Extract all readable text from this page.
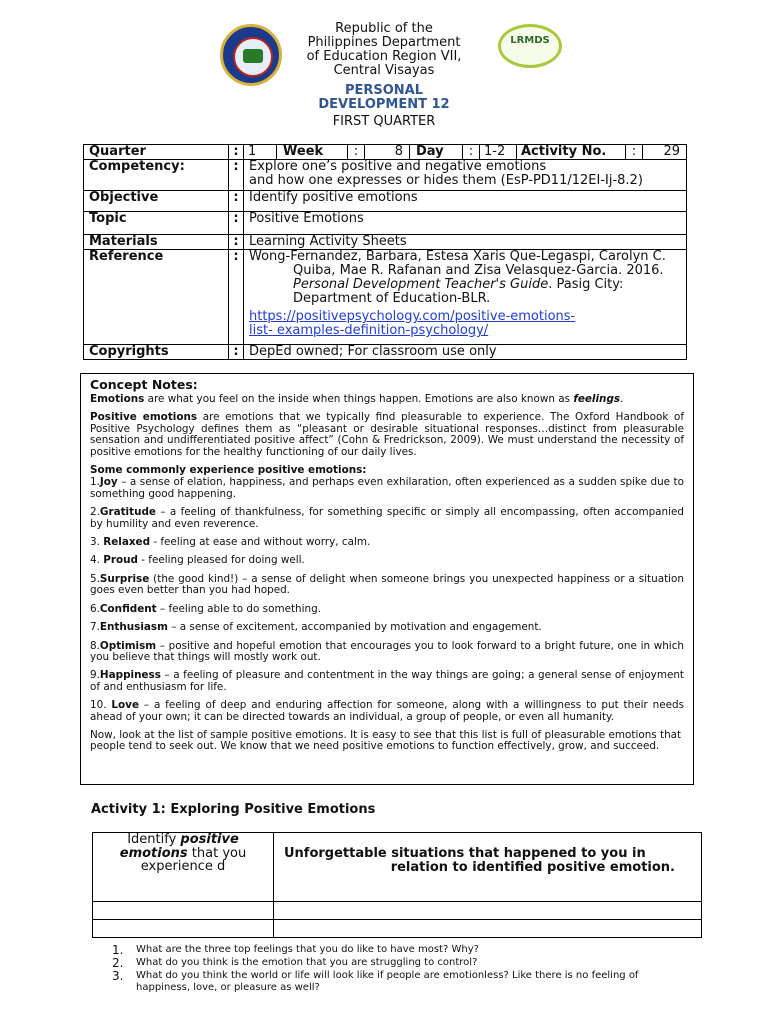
LRMDS
Republic of the
Philippines Department
of Education Region VII,
Central Visayas
PERSONAL
DEVELOPMENT 12
FIRST QUARTER
Quarter	:	1	Week	:	8	Day	:	1-2	Activity No.	:	29

Competency:	:	Explore one’s positive and negative emotions
and how one expresses or hides them (EsP-PD11/12EI-Ij-8.2)

Objective	:	Identify positive emotions
Topic	:	Positive Emotions
Materials	:	Learning Activity Sheets
Reference	:	Wong-Fernandez, Barbara, Estesa Xaris Que-Legaspi, Carolyn C.
Quiba, Mae R. Rafanan and Zisa Velasquez-Garcia. 2016.
Personal Development Teacher's Guide. Pasig City:
Department of Education-BLR.
https://positivepsychology.com/positive-emotions-
list- examples-definition-psychology/

Copyrights	:	DepEd owned; For classroom use only

Concept Notes:

Emotions are what you feel on the inside when things happen. Emotions are also known as feelings.

Positive emotions are emotions that we typically find pleasurable to experience. The Oxford Handbook of Positive Psychology defines them as “pleasant or desirable situational responses…distinct from pleasurable sensation and undifferentiated positive affect” (Cohn & Fredrickson, 2009). We must understand the necessity of positive emotions for the healthy functioning of our daily lives.

Some commonly experience positive emotions:

1.Joy – a sense of elation, happiness, and perhaps even exhilaration, often experienced as a sudden spike due to something good happening.

2.Gratitude – a feeling of thankfulness, for something specific or simply all encompassing, often accompanied by humility and even reverence.

3. Relaxed - feeling at ease and without worry, calm.

4. Proud - feeling pleased for doing well.

5.Surprise (the good kind!) – a sense of delight when someone brings you unexpected happiness or a situation goes even better than you had hoped.

6.Confident – feeling able to do something.

7.Enthusiasm – a sense of excitement, accompanied by motivation and engagement.

8.Optimism – positive and hopeful emotion that encourages you to look forward to a bright future, one in which you believe that things will mostly work out.

9.Happiness – a feeling of pleasure and contentment in the way things are going; a general sense of enjoyment of and enthusiasm for life.

10. Love – a feeling of deep and enduring affection for someone, along with a willingness to put their needs ahead of your own; it can be directed towards an individual, a group of people, or even all humanity.

Now, look at the list of sample positive emotions. It is easy to see that this list is full of pleasurable emotions that people tend to seek out. We know that we need positive emotions to function effectively, grow, and succeed.

Activity 1: Exploring Positive Emotions
Identify positive emotions that you experience d	Unforgettable situations that happened to you in
relation to identified positive emotion.

1. What are the three top feelings that you do like to have most? Why?
2. What do you think is the emotion that you are struggling to control?
3. What do you think the world or life will look like if people are emotionless? Like there is no feeling of happiness, love, or pleasure as well?
